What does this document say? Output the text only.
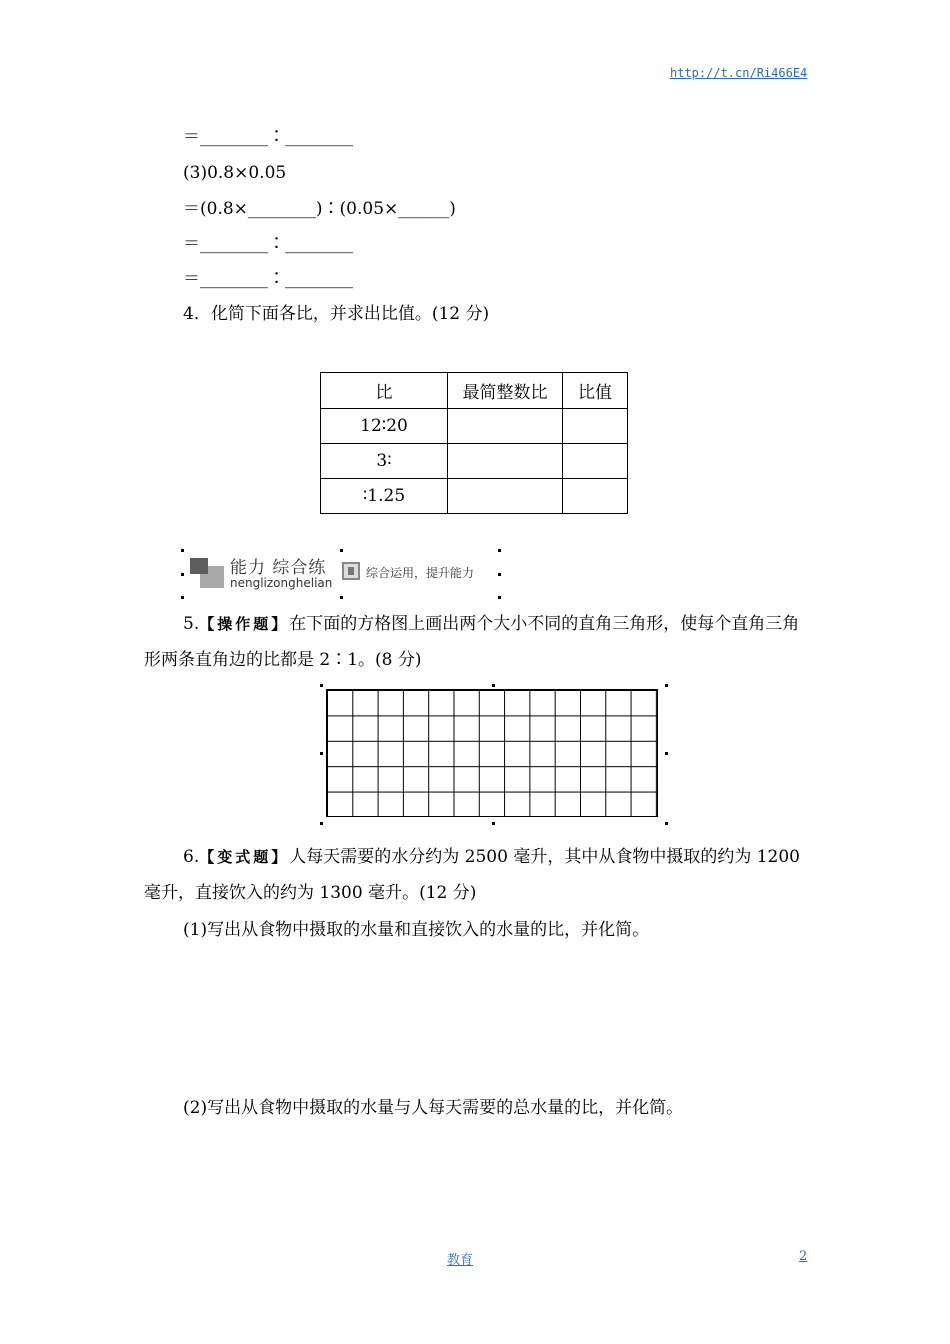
http://t.cn/Ri466E4
＝________∶________
(3)0.8×0.05
＝(0.8×________)∶(0.05×______)
＝________∶________
＝________∶________
4．化简下面各比，并求出比值。(12 分)
比	最简整数比	比值
12∶20		
3∶		
∶1.25		
能力 综合练
nenglizonghelian
综合运用，提升能力
5.【操作题】在下面的方格图上画出两个大小不同的直角三角形，使每个直角三角形两条直角边的比都是 2∶1。(8 分)
6.【变式题】人每天需要的水分约为 2500 毫升，其中从食物中摄取的约为 1200 毫升，直接饮入的约为 1300 毫升。(12 分)
(1)写出从食物中摄取的水量和直接饮入的水量的比，并化简。
(2)写出从食物中摄取的水量与人每天需要的总水量的比，并化简。
教育	2
